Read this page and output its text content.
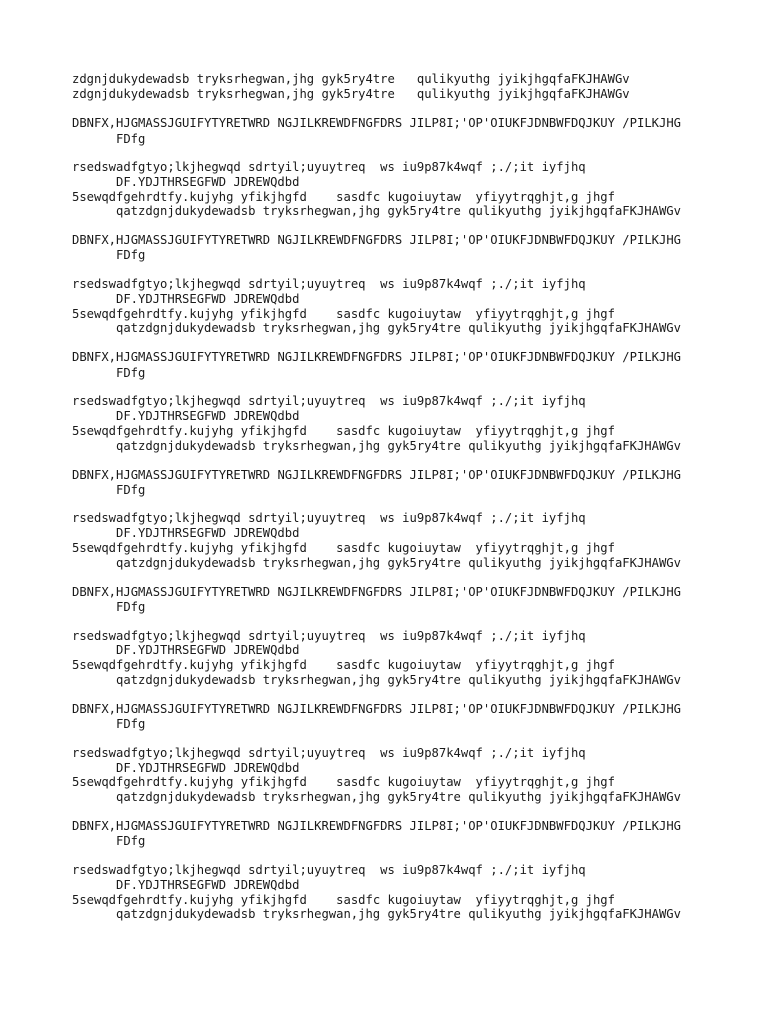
zdgnjdukydewadsb tryksrhegwan,jhg gyk5ry4tre   qulikyuthg jyikjhgqfaFKJHAWGv
zdgnjdukydewadsb tryksrhegwan,jhg gyk5ry4tre   qulikyuthg jyikjhgqfaFKJHAWGv
DBNFX,HJGMASSJGUIFYTYRETWRD NGJILKREWDFNGFDRS JILP8I;'OP'OIUKFJDNBWFDQJKUY /PILKJHG
FDfg
rsedswadfgtyo;lkjhegwqd sdrtyil;uyuytreq  ws iu9p87k4wqf ;./;it iyfjhq
DF.YDJTHRSEGFWD JDREWQdbd
5sewqdfgehrdtfy.kujyhg yfikjhgfd    sasdfc kugoiuytaw  yfiyytrqghjt,g jhgf
qatzdgnjdukydewadsb tryksrhegwan,jhg gyk5ry4tre qulikyuthg jyikjhgqfaFKJHAWGv
DBNFX,HJGMASSJGUIFYTYRETWRD NGJILKREWDFNGFDRS JILP8I;'OP'OIUKFJDNBWFDQJKUY /PILKJHG
FDfg
rsedswadfgtyo;lkjhegwqd sdrtyil;uyuytreq  ws iu9p87k4wqf ;./;it iyfjhq
DF.YDJTHRSEGFWD JDREWQdbd
5sewqdfgehrdtfy.kujyhg yfikjhgfd    sasdfc kugoiuytaw  yfiyytrqghjt,g jhgf
qatzdgnjdukydewadsb tryksrhegwan,jhg gyk5ry4tre qulikyuthg jyikjhgqfaFKJHAWGv
DBNFX,HJGMASSJGUIFYTYRETWRD NGJILKREWDFNGFDRS JILP8I;'OP'OIUKFJDNBWFDQJKUY /PILKJHG
FDfg
rsedswadfgtyo;lkjhegwqd sdrtyil;uyuytreq  ws iu9p87k4wqf ;./;it iyfjhq
DF.YDJTHRSEGFWD JDREWQdbd
5sewqdfgehrdtfy.kujyhg yfikjhgfd    sasdfc kugoiuytaw  yfiyytrqghjt,g jhgf
qatzdgnjdukydewadsb tryksrhegwan,jhg gyk5ry4tre qulikyuthg jyikjhgqfaFKJHAWGv
DBNFX,HJGMASSJGUIFYTYRETWRD NGJILKREWDFNGFDRS JILP8I;'OP'OIUKFJDNBWFDQJKUY /PILKJHG
FDfg
rsedswadfgtyo;lkjhegwqd sdrtyil;uyuytreq  ws iu9p87k4wqf ;./;it iyfjhq
DF.YDJTHRSEGFWD JDREWQdbd
5sewqdfgehrdtfy.kujyhg yfikjhgfd    sasdfc kugoiuytaw  yfiyytrqghjt,g jhgf
qatzdgnjdukydewadsb tryksrhegwan,jhg gyk5ry4tre qulikyuthg jyikjhgqfaFKJHAWGv
DBNFX,HJGMASSJGUIFYTYRETWRD NGJILKREWDFNGFDRS JILP8I;'OP'OIUKFJDNBWFDQJKUY /PILKJHG
FDfg
rsedswadfgtyo;lkjhegwqd sdrtyil;uyuytreq  ws iu9p87k4wqf ;./;it iyfjhq
DF.YDJTHRSEGFWD JDREWQdbd
5sewqdfgehrdtfy.kujyhg yfikjhgfd    sasdfc kugoiuytaw  yfiyytrqghjt,g jhgf
qatzdgnjdukydewadsb tryksrhegwan,jhg gyk5ry4tre qulikyuthg jyikjhgqfaFKJHAWGv
DBNFX,HJGMASSJGUIFYTYRETWRD NGJILKREWDFNGFDRS JILP8I;'OP'OIUKFJDNBWFDQJKUY /PILKJHG
FDfg
rsedswadfgtyo;lkjhegwqd sdrtyil;uyuytreq  ws iu9p87k4wqf ;./;it iyfjhq
DF.YDJTHRSEGFWD JDREWQdbd
5sewqdfgehrdtfy.kujyhg yfikjhgfd    sasdfc kugoiuytaw  yfiyytrqghjt,g jhgf
qatzdgnjdukydewadsb tryksrhegwan,jhg gyk5ry4tre qulikyuthg jyikjhgqfaFKJHAWGv
DBNFX,HJGMASSJGUIFYTYRETWRD NGJILKREWDFNGFDRS JILP8I;'OP'OIUKFJDNBWFDQJKUY /PILKJHG
FDfg
rsedswadfgtyo;lkjhegwqd sdrtyil;uyuytreq  ws iu9p87k4wqf ;./;it iyfjhq
DF.YDJTHRSEGFWD JDREWQdbd
5sewqdfgehrdtfy.kujyhg yfikjhgfd    sasdfc kugoiuytaw  yfiyytrqghjt,g jhgf
qatzdgnjdukydewadsb tryksrhegwan,jhg gyk5ry4tre qulikyuthg jyikjhgqfaFKJHAWGv
